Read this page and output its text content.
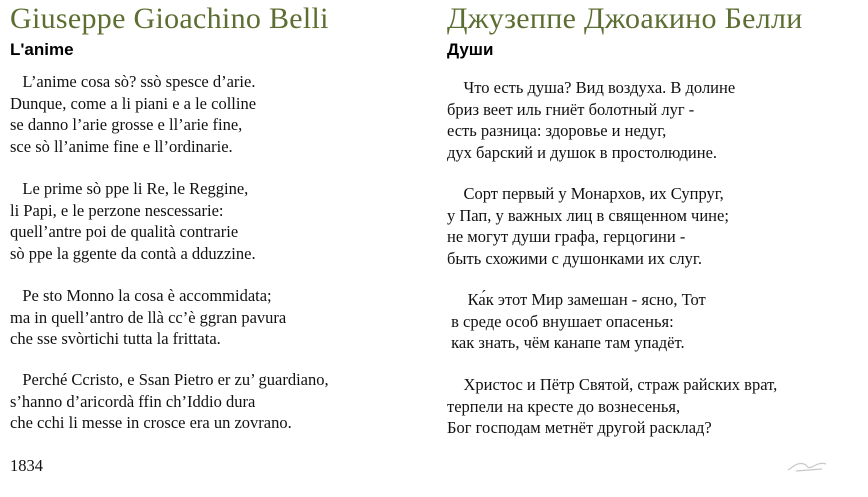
Giuseppe Gioachino Belli
L'anime
L’anime cosa sò? ssò spesce d’arie.
Dunque, come a li piani e a le colline
se danno l’arie grosse e ll’arie fine,
sce sò ll’anime fine e ll’ordinarie.
Le prime sò ppe li Re, le Reggine,
li Papi, e le perzone nescessarie:
quell’antre poi de qualità contrarie
sò ppe la ggente da contà a dduzzine.
Pe sto Monno la cosa è accommidata;
ma in quell’antro de llà cc’è ggran pavura
che sse svòrtichi tutta la frittata.
Perché Ccristo, e Ssan Pietro er zu’ guardiano,
s’hanno d’aricordà ffin ch’Iddio dura
che cchi li messe in crosce era un zovrano.
1834
Джузеппе Джоакино Белли
Души
Что есть душа? Вид воздуха. В долине
бриз веет иль гниёт болотный луг -
есть разница: здоровье и недуг,
дух барский и душок в простолюдине.
Сорт первый у Монархов, их Супруг,
у Пап, у важных лиц в священном чине;
не могут души графа, герцогини -
быть схожими с душонками их слуг.
Ка́к этот Мир замешан - ясно, Тот
в среде особ внушает опасенья:
как знать, чём канапе там упадёт.
Христос и Пётр Святой, страж райских врат,
терпели на кресте до вознесенья,
Бог господам метнёт другой расклад?
